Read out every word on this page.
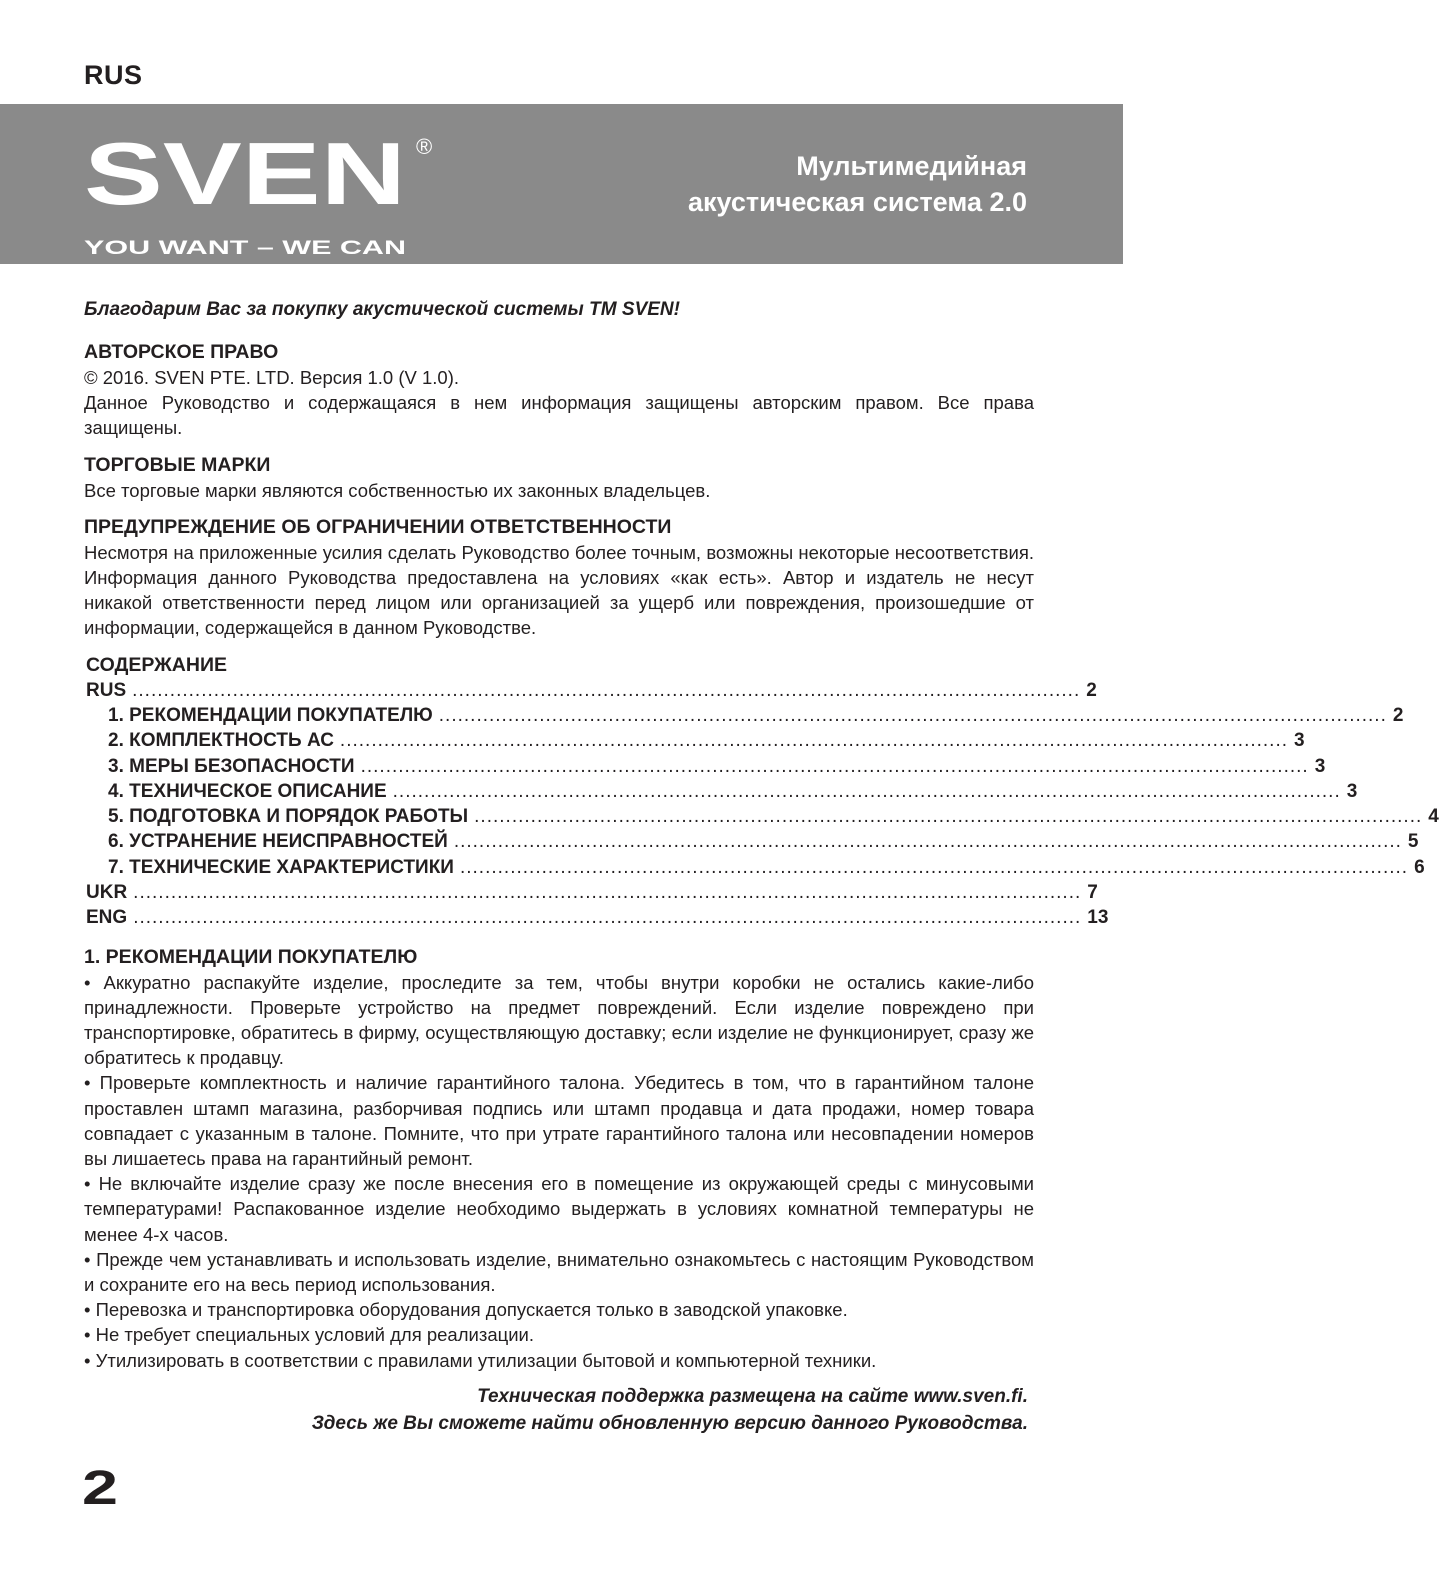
RUS
SVEN ®
YOU WANT – WE CAN
Мультимедийная
акустическая система 2.0

Благодарим Вас за покупку акустической системы ТМ SVEN!

АВТОРСКОЕ ПРАВО

© 2016. SVEN PTE. LTD. Версия 1.0 (V 1.0).

Данное Руководство и содержащаяся в нем информация защищены авторским правом. Все права защищены.

ТОРГОВЫЕ МАРКИ

Все торговые марки являются собственностью их законных владельцев.

ПРЕДУПРЕЖДЕНИЕ ОБ ОГРАНИЧЕНИИ ОТВЕТСТВЕННОСТИ

Несмотря на приложенные усилия сделать Руководство более точным, возможны некоторые несоответствия. Информация данного Руководства предоставлена на условиях «как есть». Автор и издатель не несут никакой ответственности перед лицом или организацией за ущерб или повреждения, произошедшие от информации, содержащейся в данном Руководстве.

СОДЕРЖАНИЕ
RUS ....................................................................................................................................................... 2
1. РЕКОМЕНДАЦИИ ПОКУПАТЕЛЮ ....................................................................................................................................................... 2
2. КОМПЛЕКТНОСТЬ АС ....................................................................................................................................................... 3
3. МЕРЫ БЕЗОПАСНОСТИ ....................................................................................................................................................... 3
4. ТЕХНИЧЕСКОЕ ОПИСАНИЕ ....................................................................................................................................................... 3
5. ПОДГОТОВКА И ПОРЯДОК РАБОТЫ ....................................................................................................................................................... 4
6. УСТРАНЕНИЕ НЕИСПРАВНОСТЕЙ ....................................................................................................................................................... 5
7. ТЕХНИЧЕСКИЕ ХАРАКТЕРИСТИКИ ....................................................................................................................................................... 6
UKR ....................................................................................................................................................... 7
ENG ....................................................................................................................................................... 13

1. РЕКОМЕНДАЦИИ ПОКУПАТЕЛЮ

• Аккуратно распакуйте изделие, проследите за тем, чтобы внутри коробки не остались какие-либо принадлежности. Проверьте устройство на предмет повреждений. Если изделие повреждено при транспортировке, обратитесь в фирму, осуществляющую доставку; если изделие не функционирует, сразу же обратитесь к продавцу.

• Проверьте комплектность и наличие гарантийного талона. Убедитесь в том, что в гарантийном талоне проставлен штамп магазина, разборчивая подпись или штамп продавца и дата продажи, номер товара совпадает с указанным в талоне. Помните, что при утрате гарантийного талона или несовпадении номеров вы лишаетесь права на гарантийный ремонт.

• Не включайте изделие сразу же после внесения его в помещение из окружающей среды с минусовыми температурами! Распакованное изделие необходимо выдержать в условиях комнатной температуры не менее 4-х часов.

• Прежде чем устанавливать и использовать изделие, внимательно ознакомьтесь с настоящим Руководством и сохраните его на весь период использования.

• Перевозка и транспортировка оборудования допускается только в заводской упаковке.

• Не требует специальных условий для реализации.

• Утилизировать в соответствии с правилами утилизации бытовой и компьютерной техники.

Техническая поддержка размещена на сайте www.sven.fi.
Здесь же Вы сможете найти обновленную версию данного Руководства.
2
